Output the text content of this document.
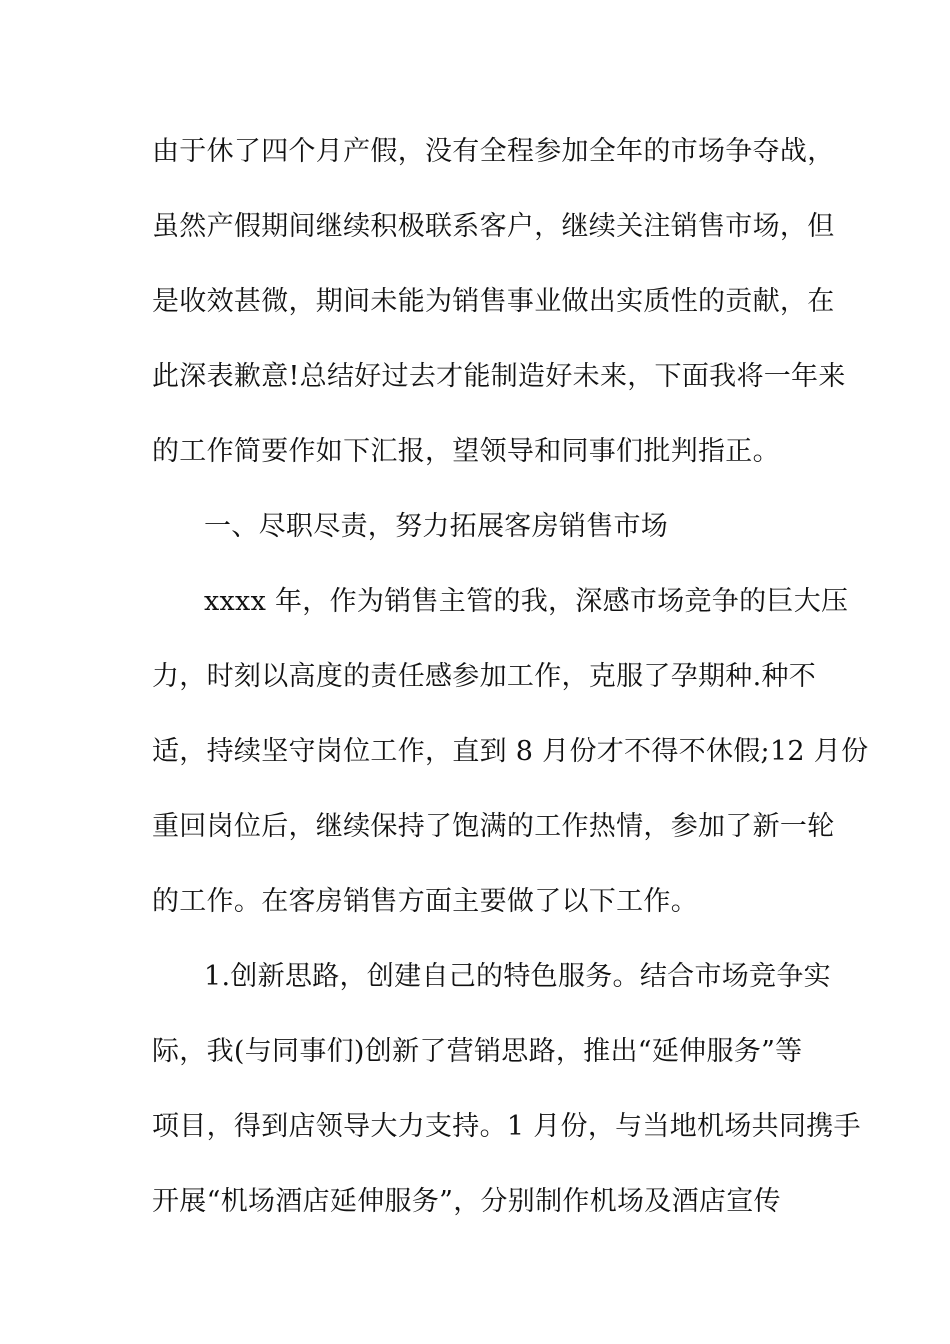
由于休了四个月产假，没有全程参加全年的市场争夺战，
虽然产假期间继续积极联系客户，继续关注销售市场，但
是收效甚微，期间未能为销售事业做出实质性的贡献，在
此深表歉意!总结好过去才能制造好未来，下面我将一年来
的工作简要作如下汇报，望领导和同事们批判指正。
一、尽职尽责，努力拓展客房销售市场
xxxx 年，作为销售主管的我，深感市场竞争的巨大压
力，时刻以高度的责任感参加工作，克服了孕期种.种不
适，持续坚守岗位工作，直到 8 月份才不得不休假;12 月份
重回岗位后，继续保持了饱满的工作热情，参加了新一轮
的工作。在客房销售方面主要做了以下工作。
1.创新思路，创建自己的特色服务。结合市场竞争实
际，我(与同事们)创新了营销思路，推出“延伸服务”等
项目，得到店领导大力支持。1 月份，与当地机场共同携手
开展“机场酒店延伸服务”，分别制作机场及酒店宣传
